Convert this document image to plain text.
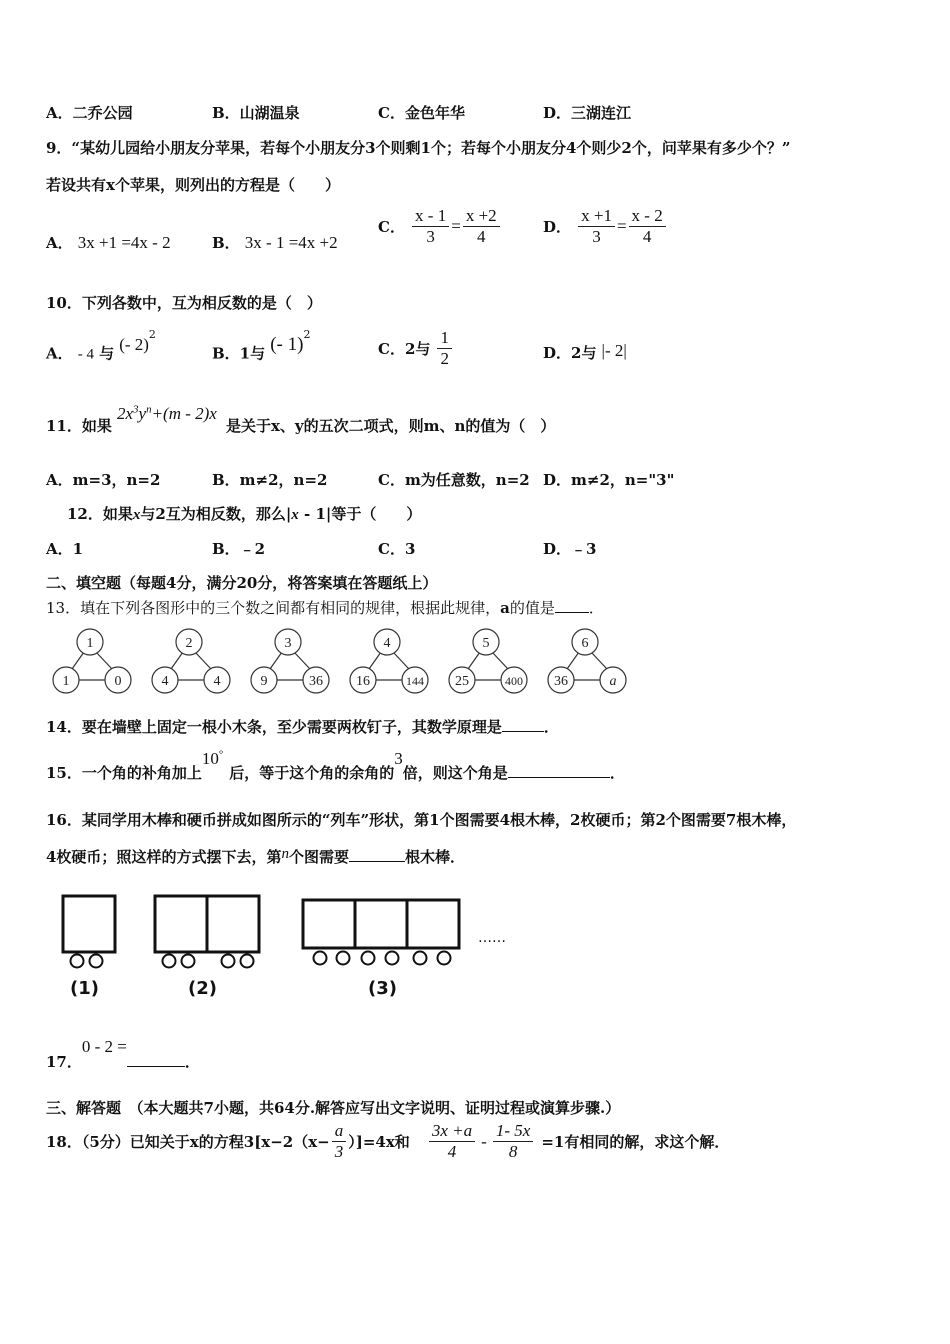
A．二乔公园	B．山湖温泉	C．金色年华	D．三湖连江
9．“某幼儿园给小朋友分苹果，若每个小朋友分3个则剩1个；若每个小朋友分4个则少2个，问苹果有多少个？”
若设共有x个苹果，则列出的方程是（　　）
A． 3x +1 =4x - 2	B． 3x - 1 =4x +2
C． $\frac{x - 1}{3} = \frac{x +2}{4}$	D． $\frac{x +1}{3} = \frac{x - 2}{4}$
10．下列各数中，互为相反数的是（　）
A． - 4 与 (- 2)$^2$
B．1与 (- 1)$^2$
C．2与 $\frac{1}{2}$	D．2与 |- 2|
11．如果 $2x^3y^n+(m - 2)x$ 是关于x、y的五次二项式，则m、n的值为（　）
A．m=3，n=2	B．m≠2，n=2	C．m为任意数，n=2 D．m≠2，n="3"
12．如果x与2互为相反数，那么|x - 1|等于（　　）
A．1	B．﹣2	C．3	D．﹣3
二、填空题（每题4分，满分20分，将答案填在答题纸上）
13．填在下列各图形中的三个数之间都有相同的规律，根据此规律，a的值是 ．
1
1	0
2
4	4
3
9	36
4
16	144
5
25	400
6
36	a
14．要在墙壁上固定一根小木条，至少需要两枚钉子，其数学原理是	．
15．一个角的补角加上10°后，等于这个角的余角的3倍，则这个角是	．
16．某同学用木棒和硬币拼成如图所示的“列车”形状，第1个图需要4根木棒，2枚硬币；第2个图需要7根木棒，
4枚硬币；照这样的方式摆下去，第n个图需要	根木棒．
……
(1)	(2)	(3)
17．0 - 2 =．
三、解答题　（本大题共7小题，共64分.解答应写出文字说明、证明过程或演算步骤.）
18．（5分）已知关于x的方程$3[x-2(x- \frac{a}{3} )]=4x$和 $\frac{3x +a}{4} - \frac{1- 5x}{8} =1$有相同的解，求这个解．
